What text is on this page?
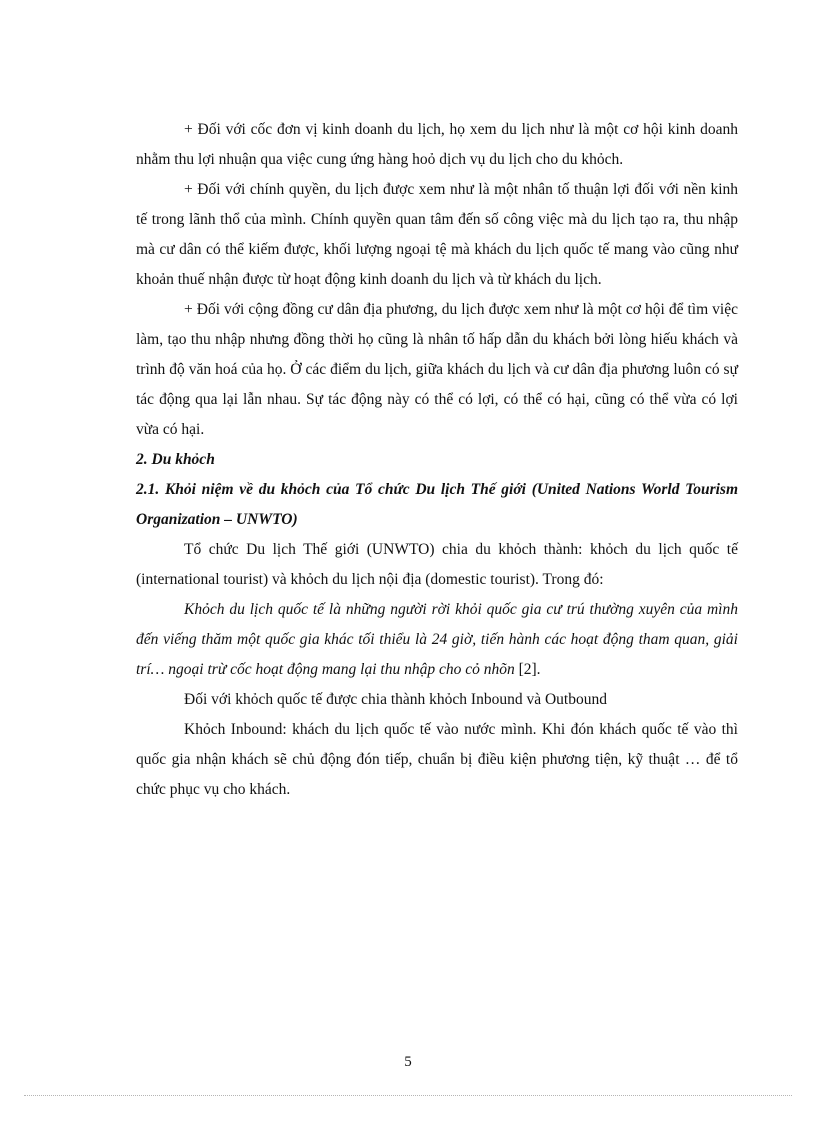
+ Đối với cốc đơn vị kinh doanh du lịch, họ xem du lịch như là một cơ hội kinh doanh nhằm thu lợi nhuận qua việc cung ứng hàng hoỏ dịch vụ du lịch cho du khỏch.

+ Đối với chính quyền, du lịch được xem như là một nhân tố thuận lợi đối với nền kinh tế trong lãnh thổ của mình. Chính quyền quan tâm đến số công việc mà du lịch tạo ra, thu nhập mà cư dân có thể kiếm được, khối lượng ngoại tệ mà khách du lịch quốc tế mang vào cũng như khoản thuế nhận được từ hoạt động kinh doanh du lịch và từ khách du lịch.

+ Đối với cộng đồng cư dân địa phương, du lịch được xem như là một cơ hội để tìm việc làm, tạo thu nhập nhưng đồng thời họ cũng là nhân tố hấp dẫn du khách bởi lòng hiếu khách và trình độ văn hoá của họ. Ở các điểm du lịch, giữa khách du lịch và cư dân địa phương luôn có sự tác động qua lại lẫn nhau. Sự tác động này có thể có lợi, có thể có hại, cũng có thể vừa có lợi vừa có hại.

2. Du khỏch

2.1. Khỏi niệm về du khỏch của Tổ chức Du lịch Thế giới (United Nations World Tourism Organization – UNWTO)

Tổ chức Du lịch Thế giới (UNWTO) chia du khỏch thành: khỏch du lịch quốc tế (international tourist) và khỏch du lịch nội địa (domestic tourist). Trong đó:

Khỏch du lịch quốc tế là những người rời khỏi quốc gia cư trú thường xuyên của mình đến viếng thăm một quốc gia khác tối thiểu là 24 giờ, tiến hành các hoạt động tham quan, giải trí… ngoại trừ cốc hoạt động mang lại thu nhập cho cỏ nhõn [2].

Đối với khỏch quốc tế được chia thành khỏch Inbound và Outbound

Khỏch Inbound: khách du lịch quốc tế vào nước mình. Khi đón khách quốc tế vào thì quốc gia nhận khách sẽ chủ động đón tiếp, chuẩn bị điều kiện phương tiện, kỹ thuật … để tổ chức phục vụ cho khách.

5
